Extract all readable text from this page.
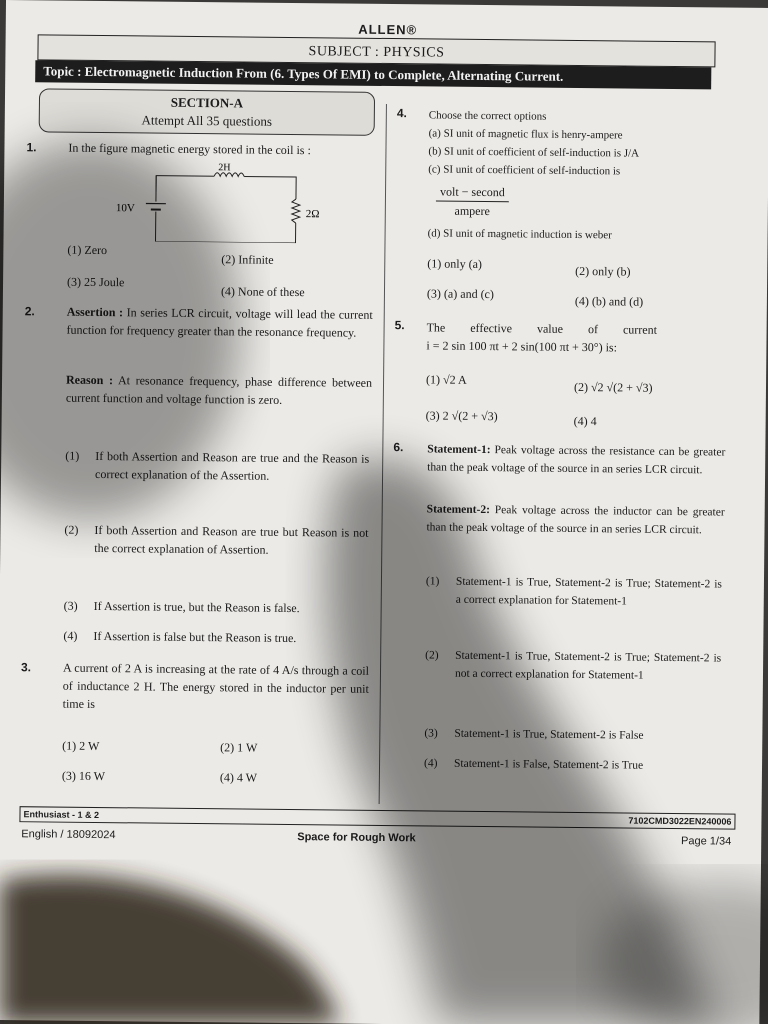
ALLEN®
SUBJECT : PHYSICS
Topic : Electromagnetic Induction From (6. Types Of EMI) to Complete, Alternating Current.
SECTION-A
Attempt All 35 questions
1.	In the figure magnetic energy stored in the coil is :
2H
10V	2Ω
(1) Zero
(2) Infinite
(3) 25 Joule
(4) None of these
2.	Assertion : In series LCR circuit, voltage will lead the current function for frequency greater than the resonance frequency.
Reason : At resonance frequency, phase difference between current function and voltage function is zero.
(1) If both Assertion and Reason are true and the Reason is correct explanation of the Assertion.
(2) If both Assertion and Reason are true but Reason is not the correct explanation of Assertion.
(3) If Assertion is true, but the Reason is false.
(4) If Assertion is false but the Reason is true.
3.	A current of 2 A is increasing at the rate of 4 A/s through a coil of inductance 2 H. The energy stored in the inductor per unit time is
(1) 2 W	(2) 1 W
(3) 16 W	(4) 4 W
4. Choose the correct options
(a) SI unit of magnetic flux is henry-ampere
(b) SI unit of coefficient of self-induction is J/A
(c) SI unit of coefficient of self-induction is
volt − second
ampere
(d) SI unit of magnetic induction is weber
(1) only (a)
(2) only (b)
(3) (a) and (c)
(4) (b) and (d)
5. The effective value of current
i = 2 sin 100 πt + 2 sin(100 πt + 30°) is:
(1) √2 A
(2) √2 √(2 + √3)
(3) 2 √(2 + √3)	(4) 4
6. Statement-1: Peak voltage across the resistance can be greater than the peak voltage of the source in an series LCR circuit.
Statement-2: Peak voltage across the inductor can be greater than the peak voltage of the source in an series LCR circuit.
(1) Statement-1 is True, Statement-2 is True; Statement-2 is a correct explanation for Statement-1
(2) Statement-1 is True, Statement-2 is True; Statement-2 is not a correct explanation for Statement-1
(3) Statement-1 is True, Statement-2 is False
(4) Statement-1 is False, Statement-2 is True
Enthusiast - 1 & 2
7102CMD3022EN240006
English / 18092024	Space for Rough Work	Page 1/34
